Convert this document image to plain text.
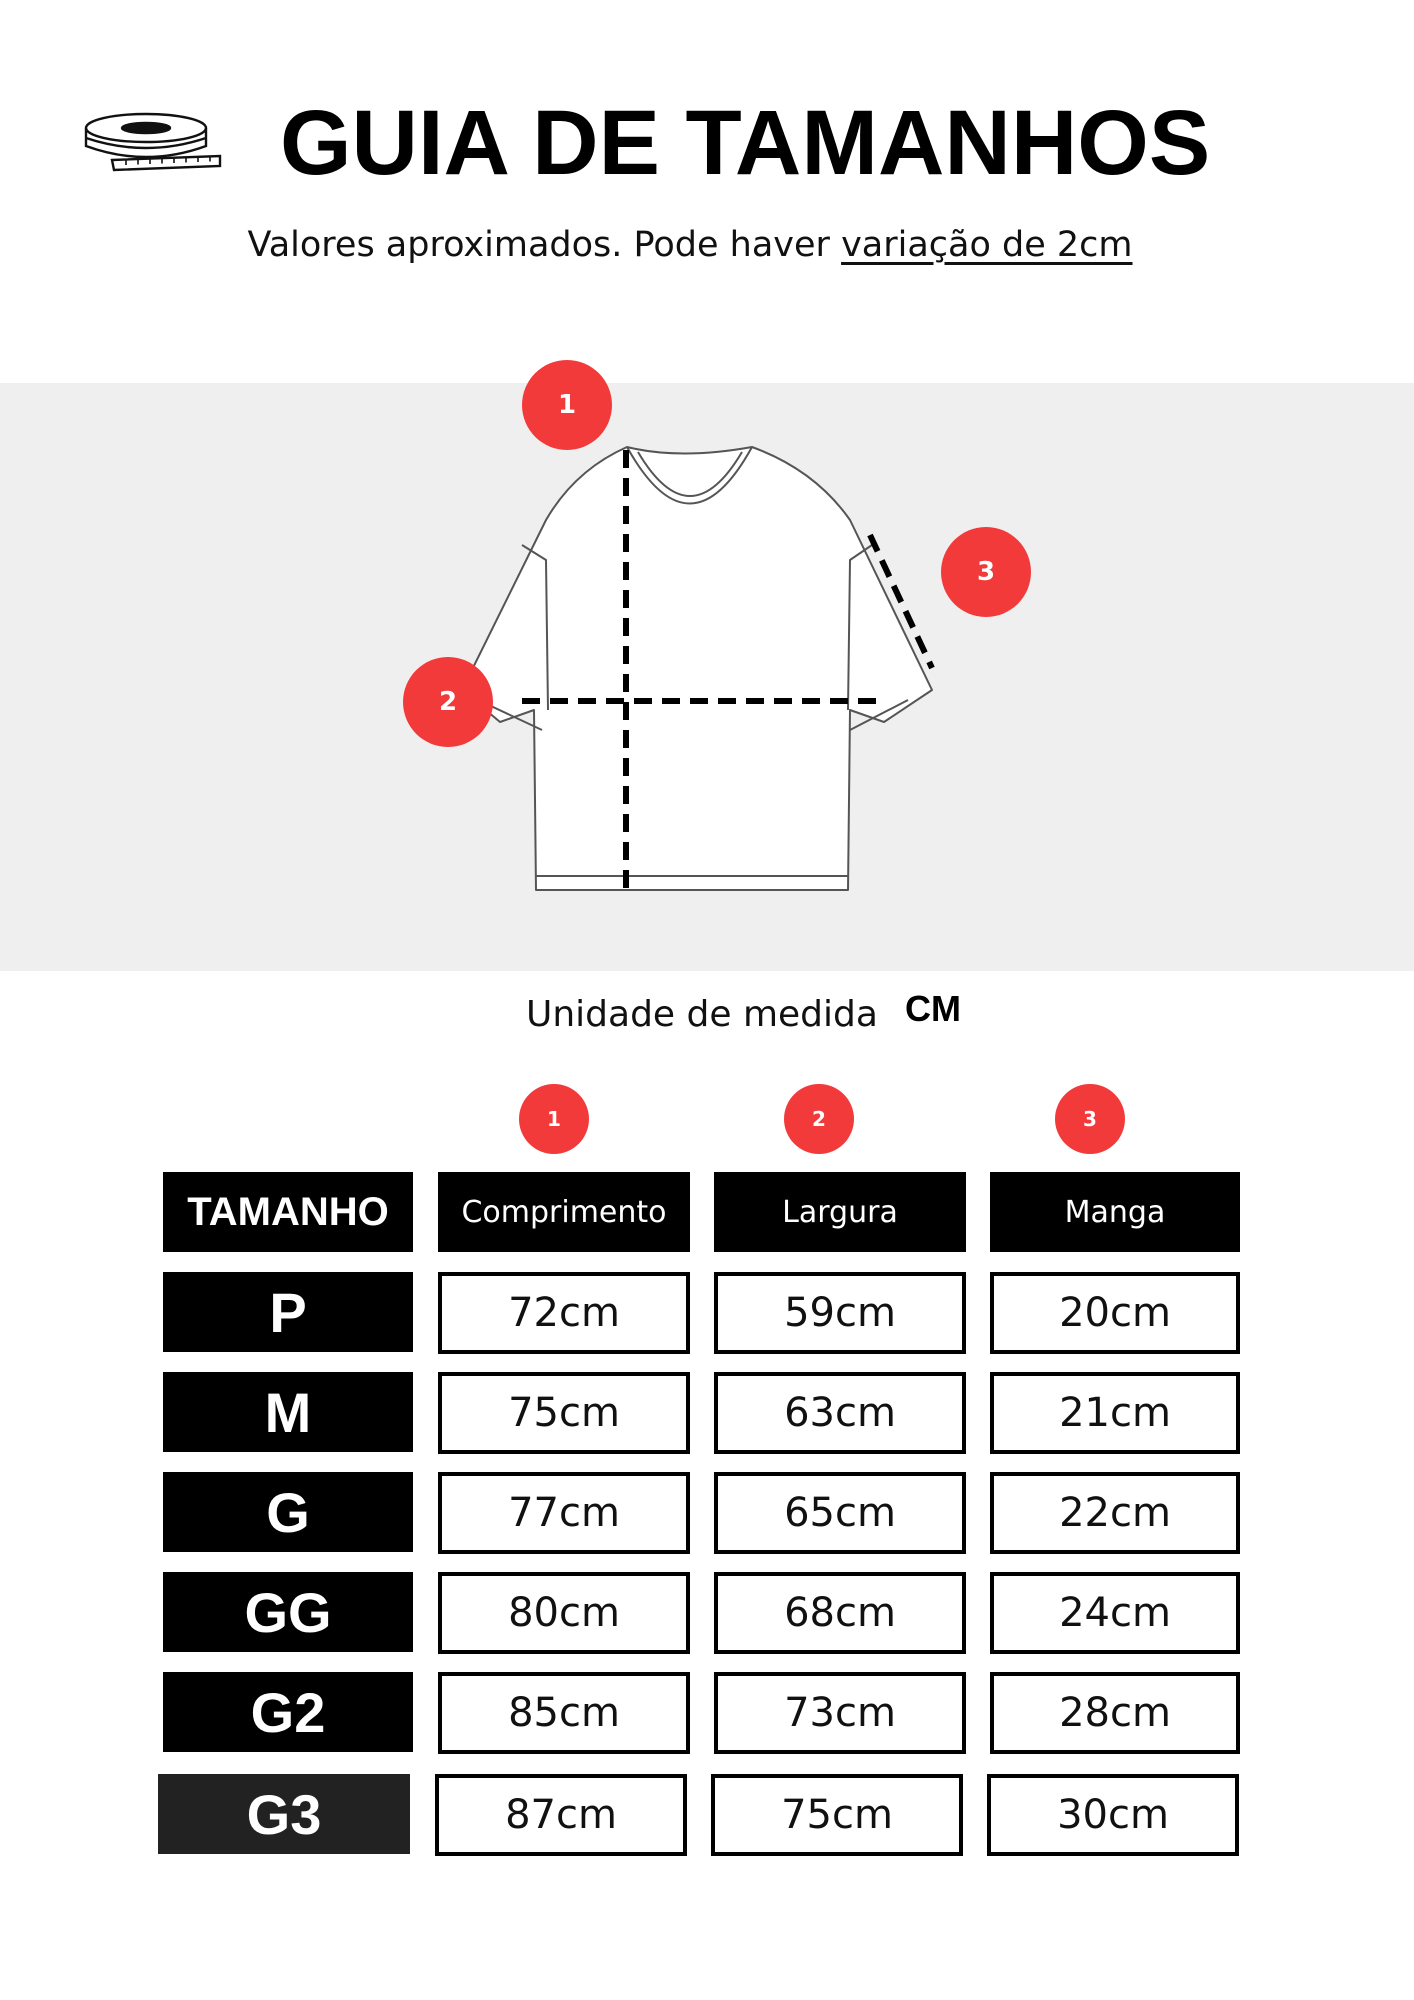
GUIA DE TAMANHOS
Valores aproximados. Pode haver variação de 2cm
1
2
3
Unidade de medida CM
1	2	3
TAMANHO	Comprimento	Largura	Manga
P	72cm	59cm	20cm
M	75cm	63cm	21cm
G	77cm	65cm	22cm
GG	80cm	68cm	24cm
G2	85cm	73cm	28cm
G3	87cm	75cm	30cm
